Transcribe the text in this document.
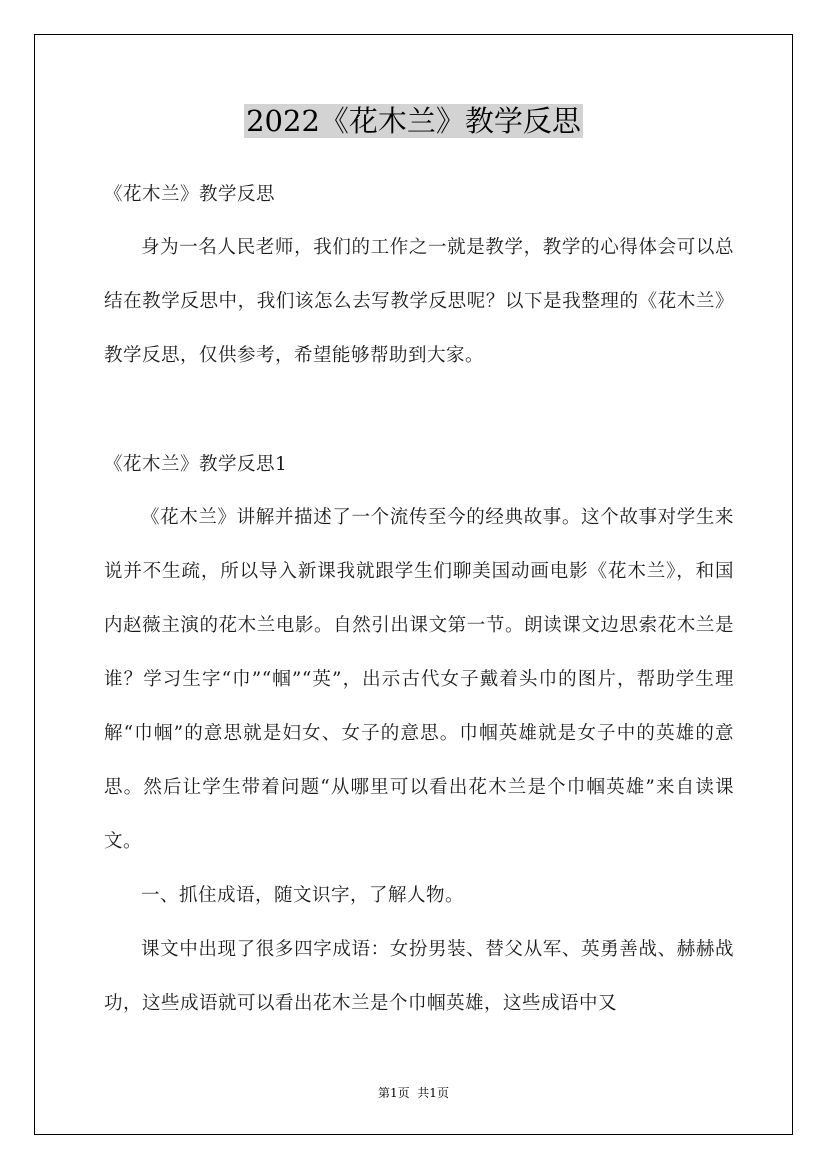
2022《花木兰》教学反思
《花木兰》教学反思
身为一名人民老师，我们的工作之一就是教学，教学的心得体会可以总结在教学反思中，我们该怎么去写教学反思呢？以下是我整理的《花木兰》教学反思，仅供参考，希望能够帮助到大家。
《花木兰》教学反思1
《花木兰》讲解并描述了一个流传至今的经典故事。这个故事对学生来说并不生疏，所以导入新课我就跟学生们聊美国动画电影《花木兰》，和国内赵薇主演的花木兰电影。自然引出课文第一节。朗读课文边思索花木兰是谁？学习生字“巾”“帼”“英”，出示古代女子戴着头巾的图片，帮助学生理解“巾帼”的意思就是妇女、女子的意思。巾帼英雄就是女子中的英雄的意思。然后让学生带着问题“从哪里可以看出花木兰是个巾帼英雄”来自读课文。
一、抓住成语，随文识字，了解人物。
课文中出现了很多四字成语：女扮男装、替父从军、英勇善战、赫赫战功，这些成语就可以看出花木兰是个巾帼英雄，这些成语中又
第1页  共1页
